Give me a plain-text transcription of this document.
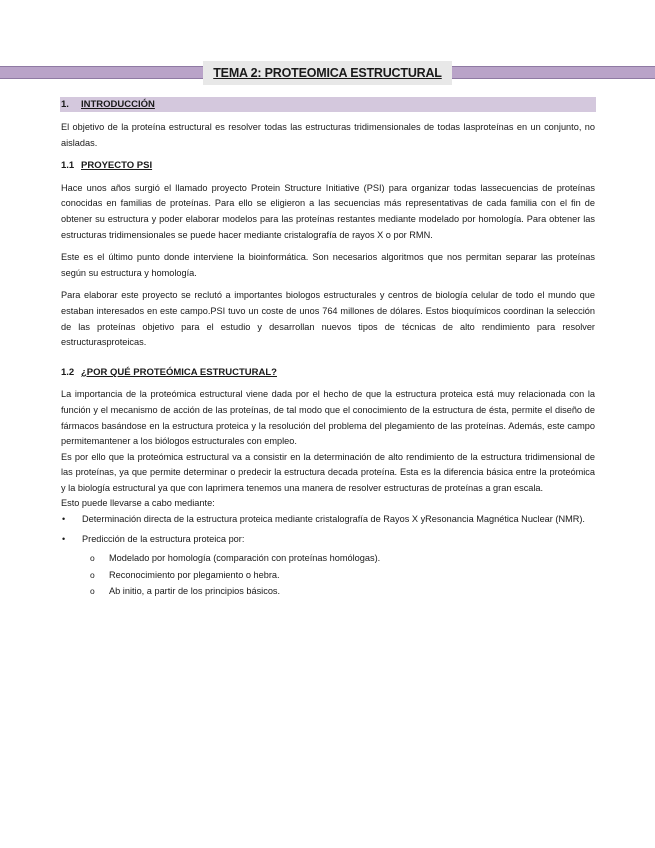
TEMA 2: PROTEOMICA ESTRUCTURAL
1. INTRODUCCIÓN

El objetivo de la proteína estructural es resolver todas las estructuras tridimensionales de todas lasproteínas en un conjunto, no aisladas.

1.1 PROYECTO PSI

Hace unos años surgió el llamado proyecto Protein Structure Initiative (PSI) para organizar todas lassecuencias de proteínas conocidas en familias de proteínas. Para ello se eligieron a las secuencias más representativas de cada familia con el fin de obtener su estructura y poder elaborar modelos para las proteínas restantes mediante modelado por homología. Para obtener las estructuras tridimensionales se puede hacer mediante cristalografía de rayos X o por RMN.

Este es el último punto donde interviene la bioinformática. Son necesarios algoritmos que nos permitan separar las proteínas según su estructura y homología.

Para elaborar este proyecto se reclutó a importantes biologos estructurales y centros de biología celular de todo el mundo que estaban interesados en este campo.PSI tuvo un coste de unos 764 millones de dólares. Estos bioquímicos coordinan la selección de las proteínas objetivo para el estudio y desarrollan nuevos tipos de técnicas de alto rendimiento para resolver estructurasproteicas.

1.2 ¿POR QUÉ PROTEÓMICA ESTRUCTURAL?

La importancia de la proteómica estructural viene dada por el hecho de que la estructura proteica está muy relacionada con la función y el mecanismo de acción de las proteínas, de tal modo que el conocimiento de la estructura de ésta, permite el diseño de fármacos basándose en la estructura proteica y la resolución del problema del plegamiento de las proteínas. Además, este campo permitemantener a los biólogos estructurales con empleo.

Es por ello que la proteómica estructural va a consistir en la determinación de alto rendimiento de la estructura tridimensional de las proteínas, ya que permite determinar o predecir la estructura decada proteína. Esta es la diferencia básica entre la proteómica y la biología estructural ya que con laprimera tenemos una manera de resolver estructuras de proteínas a gran escala.

Esto puede llevarse a cabo mediante:

• Determinación directa de la estructura proteica mediante cristalografía de Rayos X yResonancia Magnética Nuclear (NMR).
• Predicción de la estructura proteica por:
o Modelado por homología (comparación con proteínas homólogas).
o Reconocimiento por plegamiento o hebra.
o Ab initio, a partir de los principios básicos.
